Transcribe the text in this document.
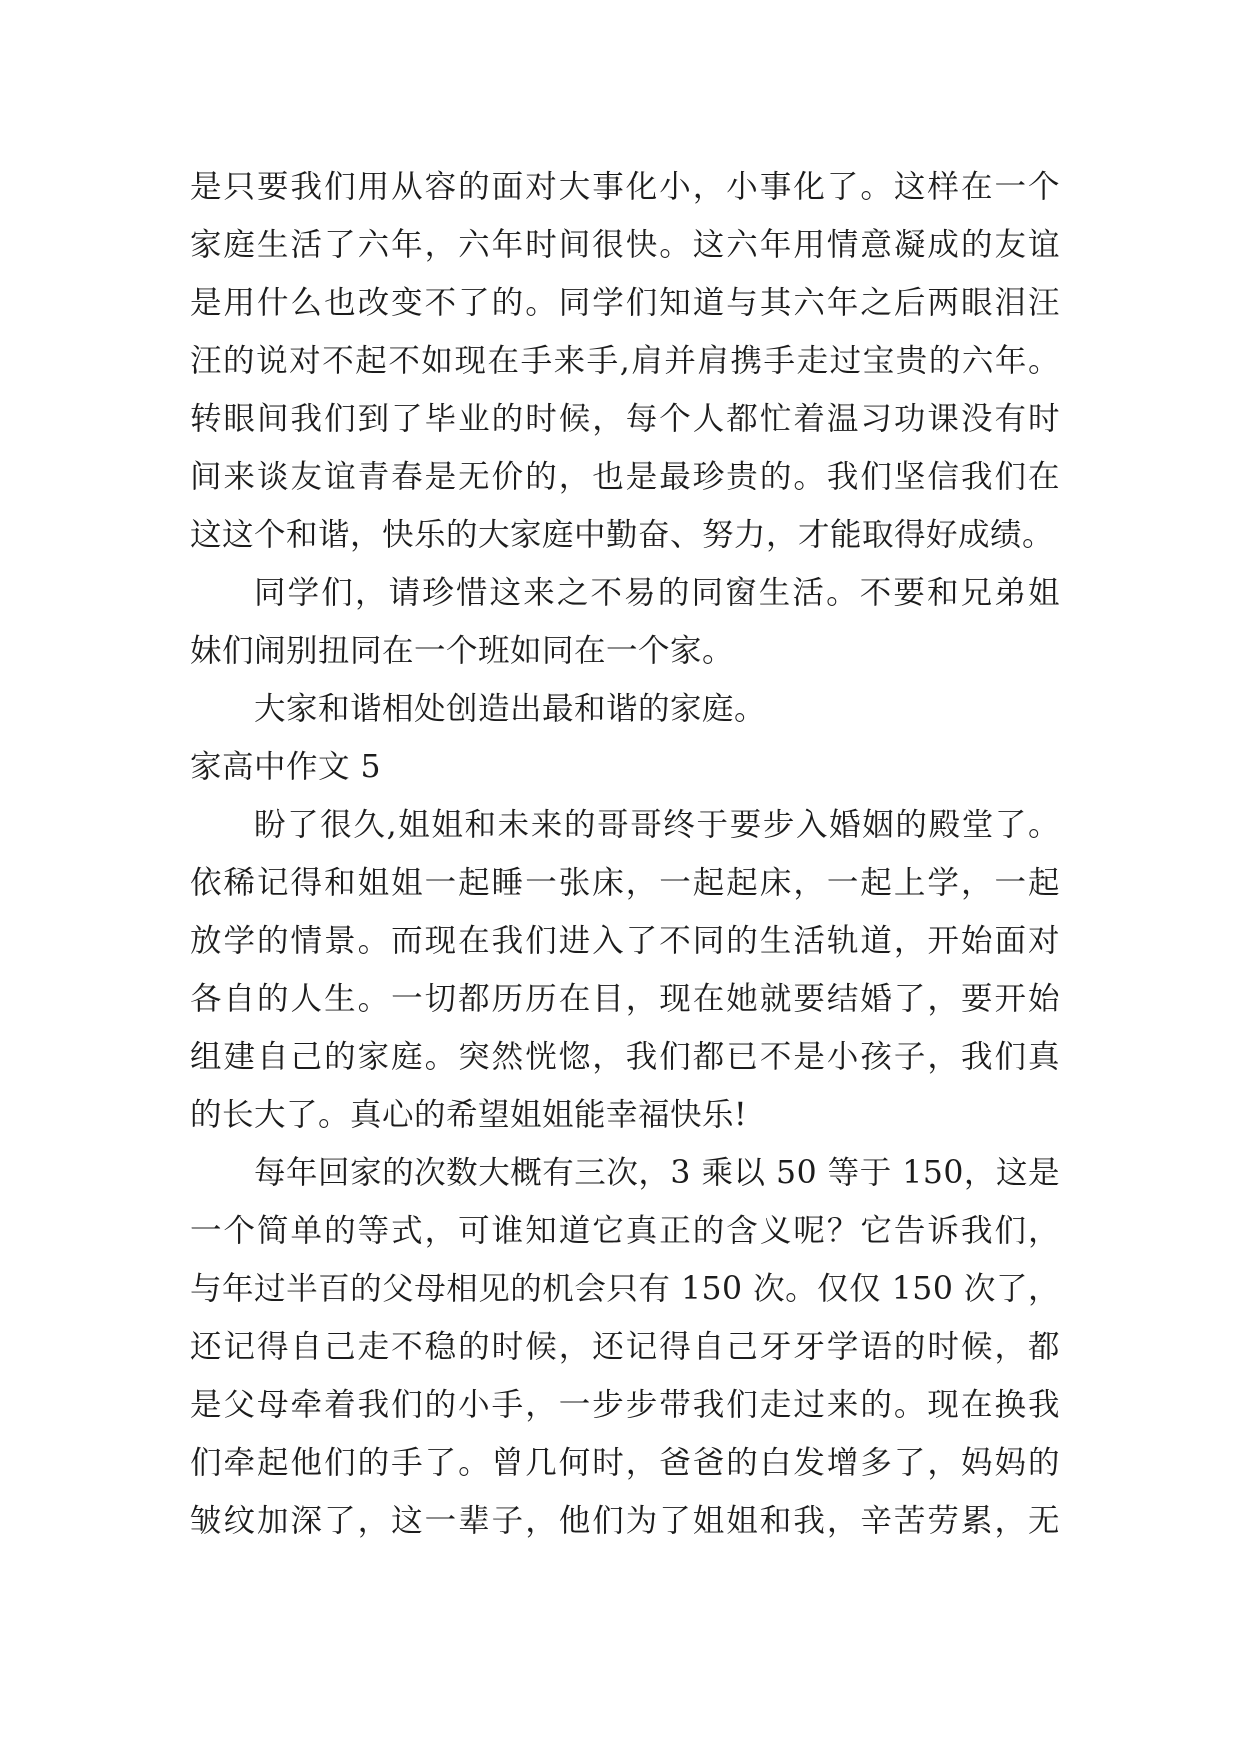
是只要我们用从容的面对大事化小，小事化了。这样在一个
家庭生活了六年，六年时间很快。这六年用情意凝成的友谊
是用什么也改变不了的。同学们知道与其六年之后两眼泪汪
汪的说对不起不如现在手来手,肩并肩携手走过宝贵的六年。
转眼间我们到了毕业的时候，每个人都忙着温习功课没有时
间来谈友谊青春是无价的，也是最珍贵的。我们坚信我们在
这这个和谐，快乐的大家庭中勤奋、努力，才能取得好成绩。
同学们，请珍惜这来之不易的同窗生活。不要和兄弟姐
妹们闹别扭同在一个班如同在一个家。
大家和谐相处创造出最和谐的家庭。
家高中作文 5
盼了很久,姐姐和未来的哥哥终于要步入婚姻的殿堂了。
依稀记得和姐姐一起睡一张床，一起起床，一起上学，一起
放学的情景。而现在我们进入了不同的生活轨道，开始面对
各自的人生。一切都历历在目，现在她就要结婚了，要开始
组建自己的家庭。突然恍惚，我们都已不是小孩子，我们真
的长大了。真心的希望姐姐能幸福快乐!
每年回家的次数大概有三次，3 乘以 50 等于 150，这是
一个简单的等式，可谁知道它真正的含义呢？它告诉我们，
与年过半百的父母相见的机会只有 150 次。仅仅 150 次了，
还记得自己走不稳的时候，还记得自己牙牙学语的时候，都
是父母牵着我们的小手，一步步带我们走过来的。现在换我
们牵起他们的手了。曾几何时，爸爸的白发增多了，妈妈的
皱纹加深了，这一辈子，他们为了姐姐和我，辛苦劳累，无
